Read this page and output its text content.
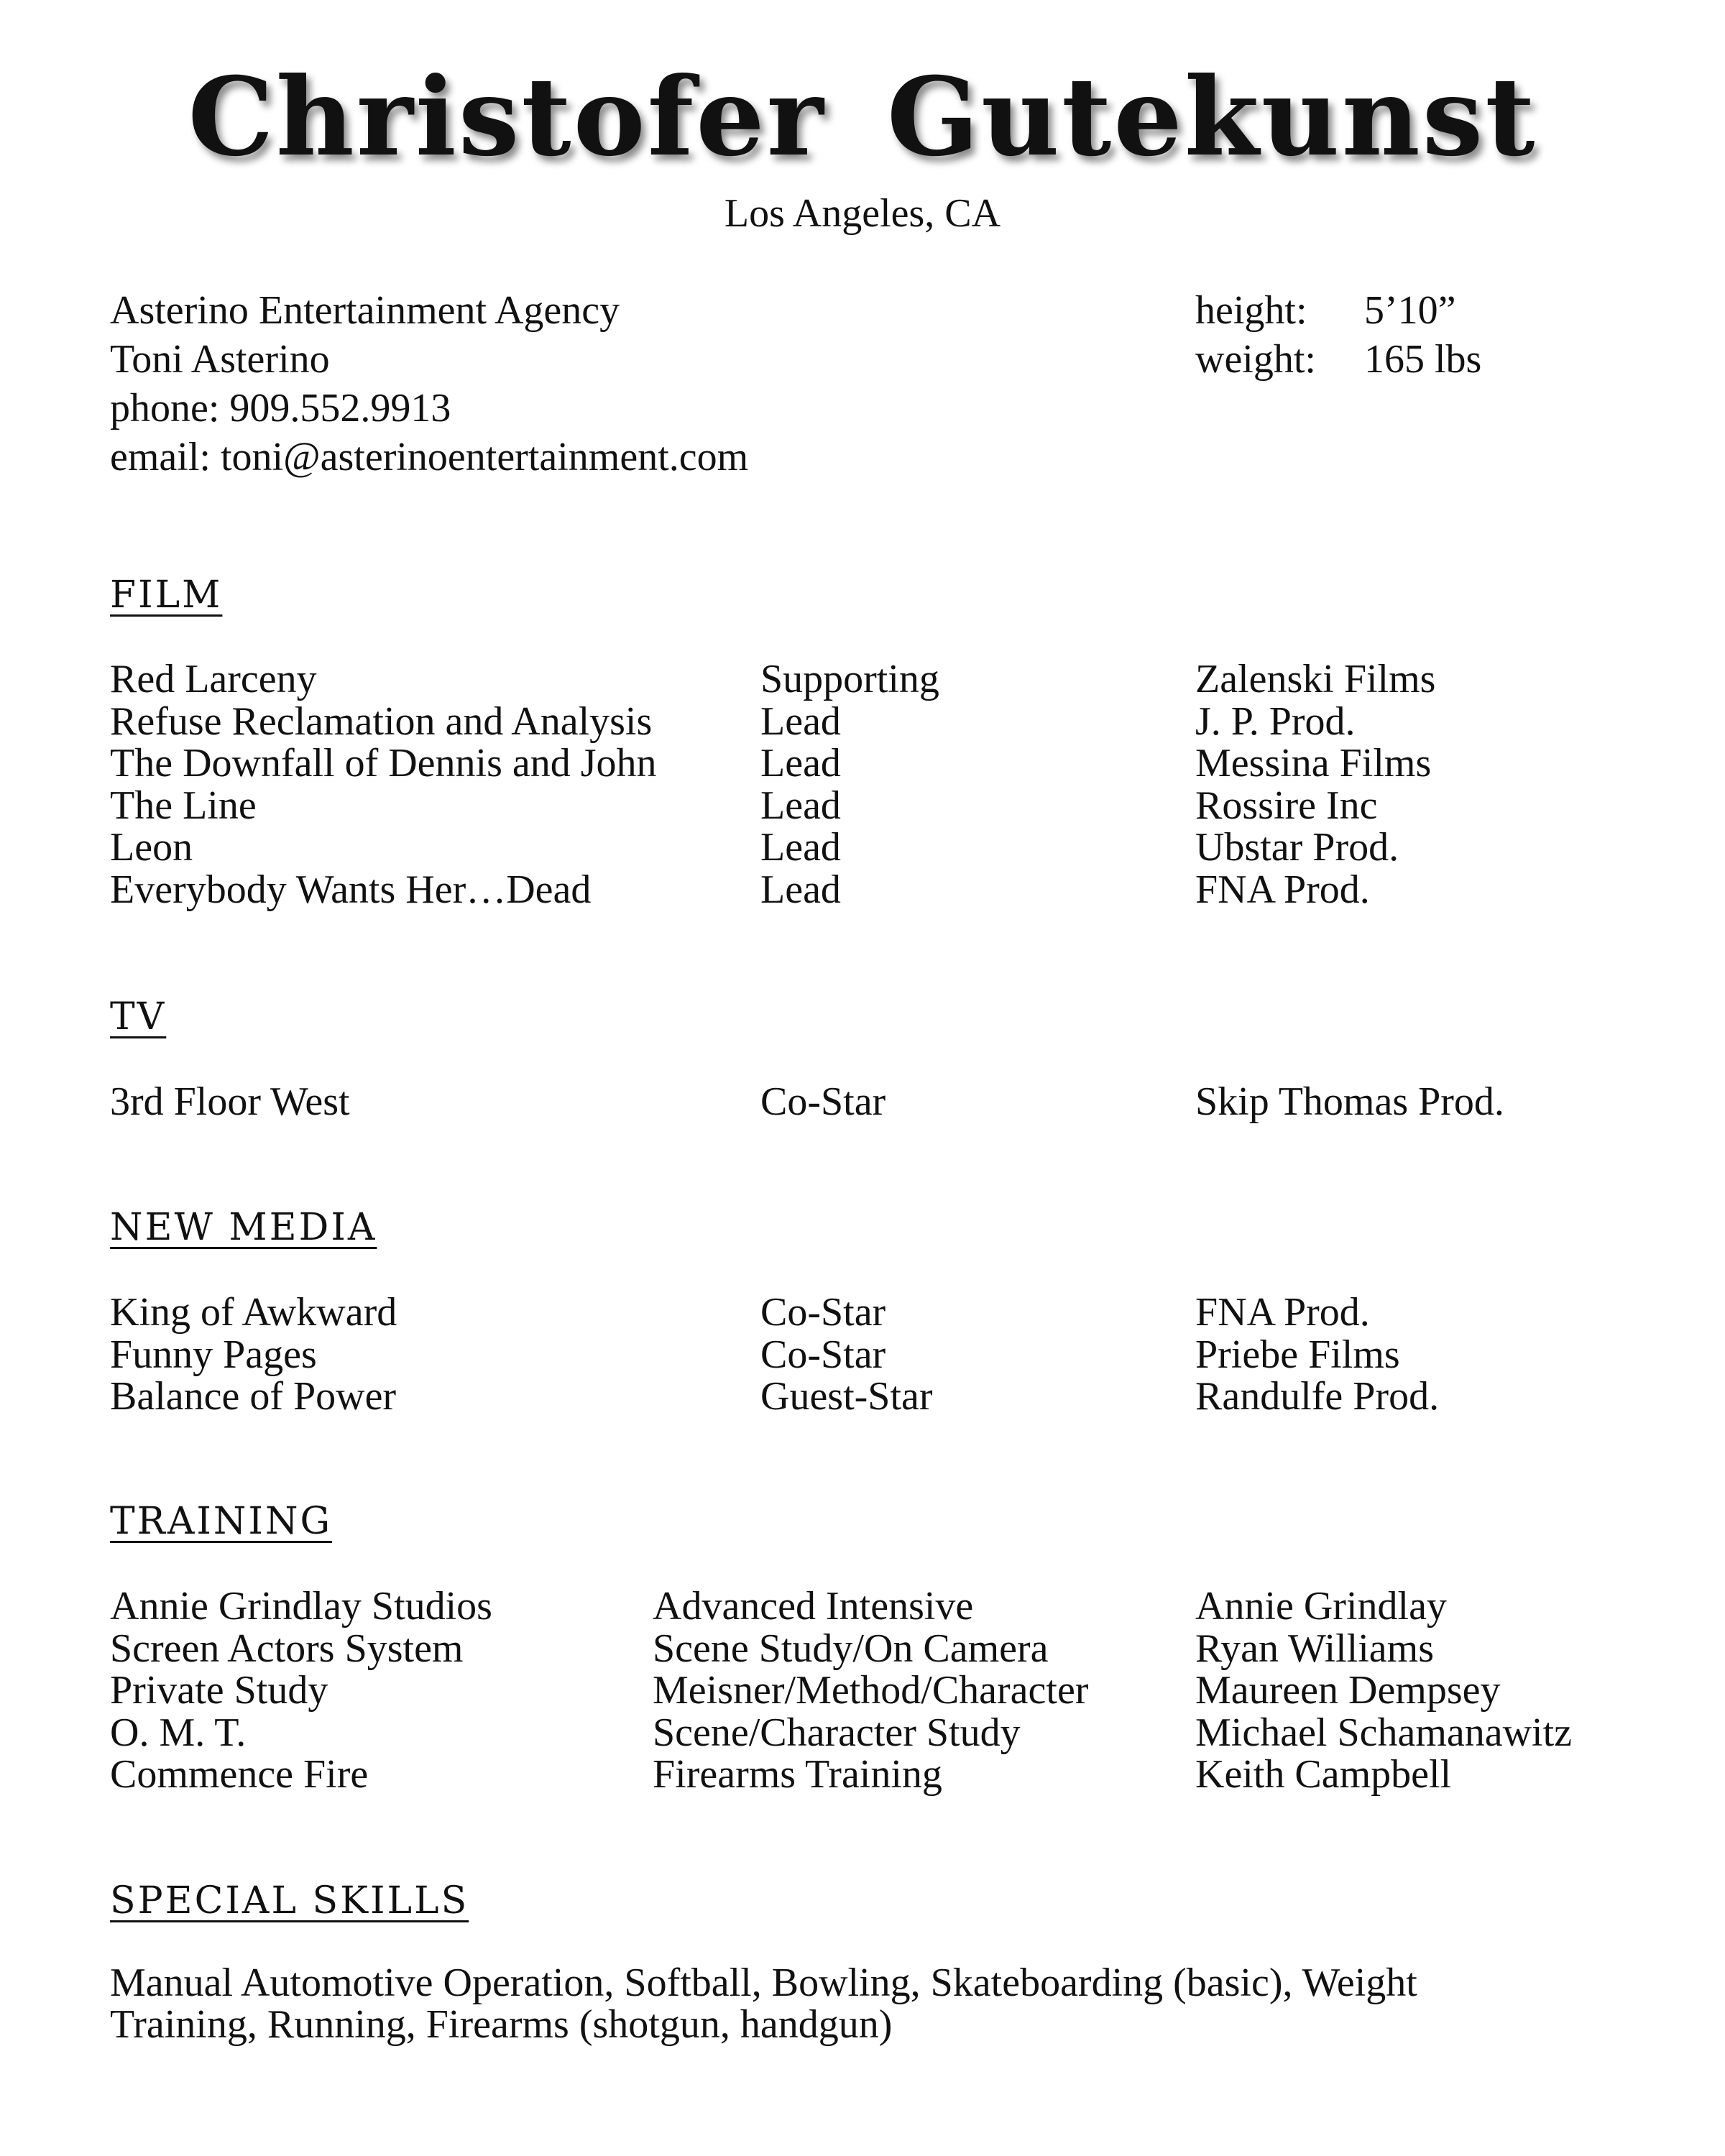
Christofer Gutekunst
Los Angeles, CA
Asterino Entertainment Agency
Toni Asterino
phone: 909.552.9913
email: toni@asterinoentertainment.com
height: 5’10”
weight: 165 lbs
FILM
Red Larceny	Supporting	Zalenski Films
Refuse Reclamation and Analysis	Lead	J. P. Prod.
The Downfall of Dennis and John	Lead	Messina Films
The Line	Lead	Rossire Inc
Leon	Lead	Ubstar Prod.
Everybody Wants Her…Dead	Lead	FNA Prod.
TV
3rd Floor West	Co-Star	Skip Thomas Prod.
NEW MEDIA
King of Awkward	Co-Star	FNA Prod.
Funny Pages	Co-Star	Priebe Films
Balance of Power	Guest-Star	Randulfe Prod.
TRAINING
Annie Grindlay Studios	Advanced Intensive	Annie Grindlay
Screen Actors System	Scene Study/On Camera	Ryan Williams
Private Study	Meisner/Method/Character	Maureen Dempsey
O. M. T.	Scene/Character Study	Michael Schamanawitz
Commence Fire	Firearms Training	Keith Campbell
SPECIAL SKILLS
Manual Automotive Operation, Softball, Bowling, Skateboarding (basic), Weight Training, Running, Firearms (shotgun, handgun)
